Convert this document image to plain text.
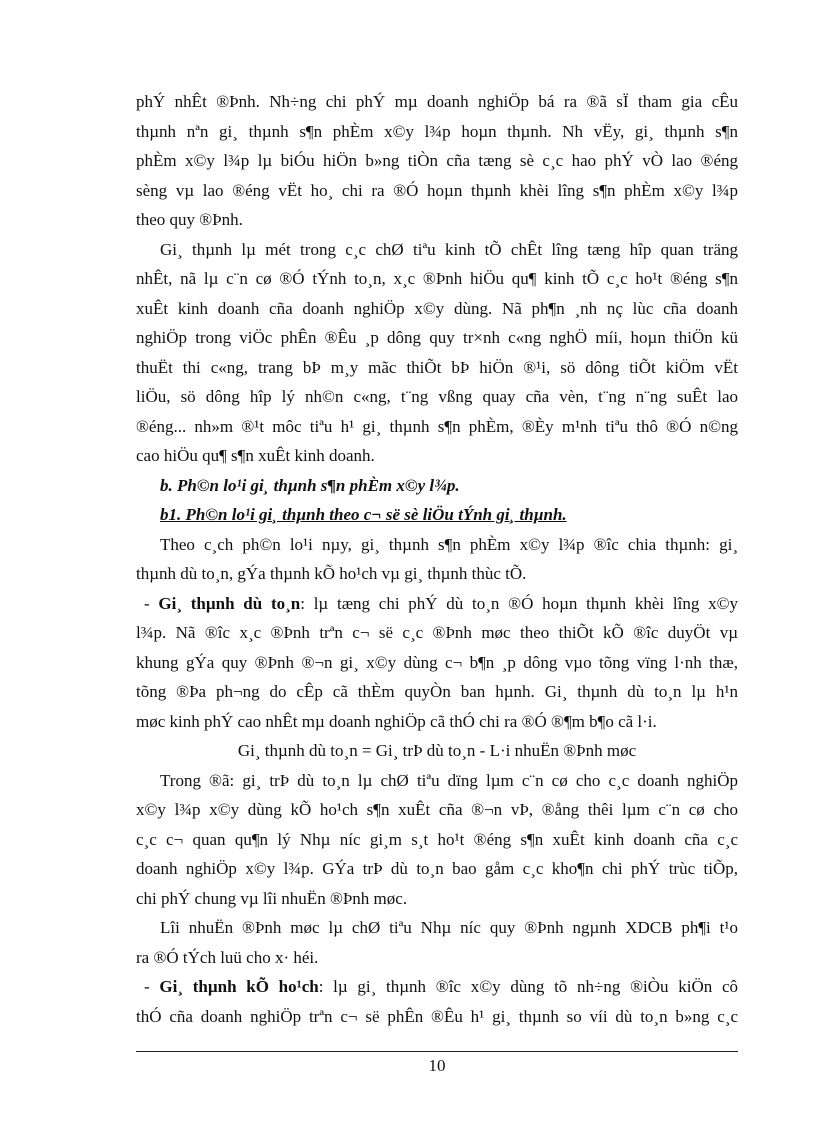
phÝ nhÊt ®Þnh. Nh÷ng chi phÝ mµ doanh nghiÖp bá ra ®ã sÏ tham gia cÊu
thµnh nªn gi¸ thµnh s¶n phÈm x©y l¾p hoµn thµnh. Nh vËy, gi¸ thµnh s¶n
phÈm x©y l¾p lµ biÓu hiÖn b»ng tiÒn cña tæng sè c¸c hao phÝ vÒ lao ®éng
sèng vµ lao ®éng vËt ho¸ chi ra ®Ó hoµn thµnh khèi lîng s¶n phÈm x©y l¾p
theo quy ®Þnh.
Gi¸ thµnh lµ mét trong c¸c chØ tiªu kinh tÕ chÊt lîng tæng hîp quan träng
nhÊt, nã lµ c¨n cø ®Ó tÝnh to¸n, x¸c ®Þnh hiÖu qu¶ kinh tÕ c¸c ho¹t ®éng s¶n
xuÊt kinh doanh cña doanh nghiÖp x©y dùng. Nã ph¶n ¸nh nç lùc cña doanh
nghiÖp trong viÖc phÊn ®Êu ¸p dông quy tr×nh c«ng nghÖ míi, hoµn thiÖn kü
thuËt thi c«ng, trang bÞ m¸y mãc thiÕt bÞ hiÖn ®¹i, sö dông tiÕt kiÖm vËt
liÖu, sö dông hîp lý nh©n c«ng, t¨ng vßng quay cña vèn, t¨ng n¨ng suÊt lao
®éng... nh»m ®¹t môc tiªu h¹ gi¸ thµnh s¶n phÈm, ®Èy m¹nh tiªu thô ®Ó n©ng
cao hiÖu qu¶ s¶n xuÊt kinh doanh.
b. Ph©n lo¹i gi¸ thµnh s¶n phÈm x©y l¾p.
b1. Ph©n lo¹i gi¸ thµnh theo c¬ së sè liÖu tÝnh gi¸ thµnh.
Theo c¸ch ph©n lo¹i nµy, gi¸ thµnh s¶n phÈm x©y l¾p ®îc chia thµnh: gi¸
thµnh dù to¸n, gÝa thµnh kÕ ho¹ch vµ gi¸ thµnh thùc tÕ.
- Gi¸ thµnh dù to¸n: lµ tæng chi phÝ dù to¸n ®Ó hoµn thµnh khèi lîng x©y
l¾p. Nã ®îc x¸c ®Þnh trªn c¬ së c¸c ®Þnh møc theo thiÕt kÕ ®îc duyÖt vµ
khung gÝa quy ®Þnh ®¬n gi¸ x©y dùng c¬ b¶n ¸p dông vµo tõng vïng l·nh thæ,
tõng ®Þa ph¬ng do cÊp cã thÈm quyÒn ban hµnh. Gi¸ thµnh dù to¸n lµ h¹n
møc kinh phÝ cao nhÊt mµ doanh nghiÖp cã thÓ chi ra ®Ó ®¶m b¶o cã l·i.
Gi¸ thµnh dù to¸n = Gi¸ trÞ dù to¸n - L·i nhuËn ®Þnh møc
Trong ®ã: gi¸ trÞ dù to¸n lµ chØ tiªu dïng lµm c¨n cø cho c¸c doanh nghiÖp
x©y l¾p x©y dùng kÕ ho¹ch s¶n xuÊt cña ®¬n vÞ, ®ång thêi lµm c¨n cø cho
c¸c c¬ quan qu¶n lý Nhµ níc gi¸m s¸t ho¹t ®éng s¶n xuÊt kinh doanh cña c¸c
doanh nghiÖp x©y l¾p. GÝa trÞ dù to¸n bao gåm c¸c kho¶n chi phÝ trùc tiÕp,
chi phÝ chung vµ lîi nhuËn ®Þnh møc.
Lîi nhuËn ®Þnh møc lµ chØ tiªu Nhµ níc quy ®Þnh ngµnh XDCB ph¶i t¹o
ra ®Ó tÝch luü cho x· héi.
- Gi¸ thµnh kÕ ho¹ch: lµ gi¸ thµnh ®îc x©y dùng tõ nh÷ng ®iÒu kiÖn cô
thÓ cña doanh nghiÖp trªn c¬ së phÊn ®Êu h¹ gi¸ thµnh so víi dù to¸n b»ng c¸c
10
